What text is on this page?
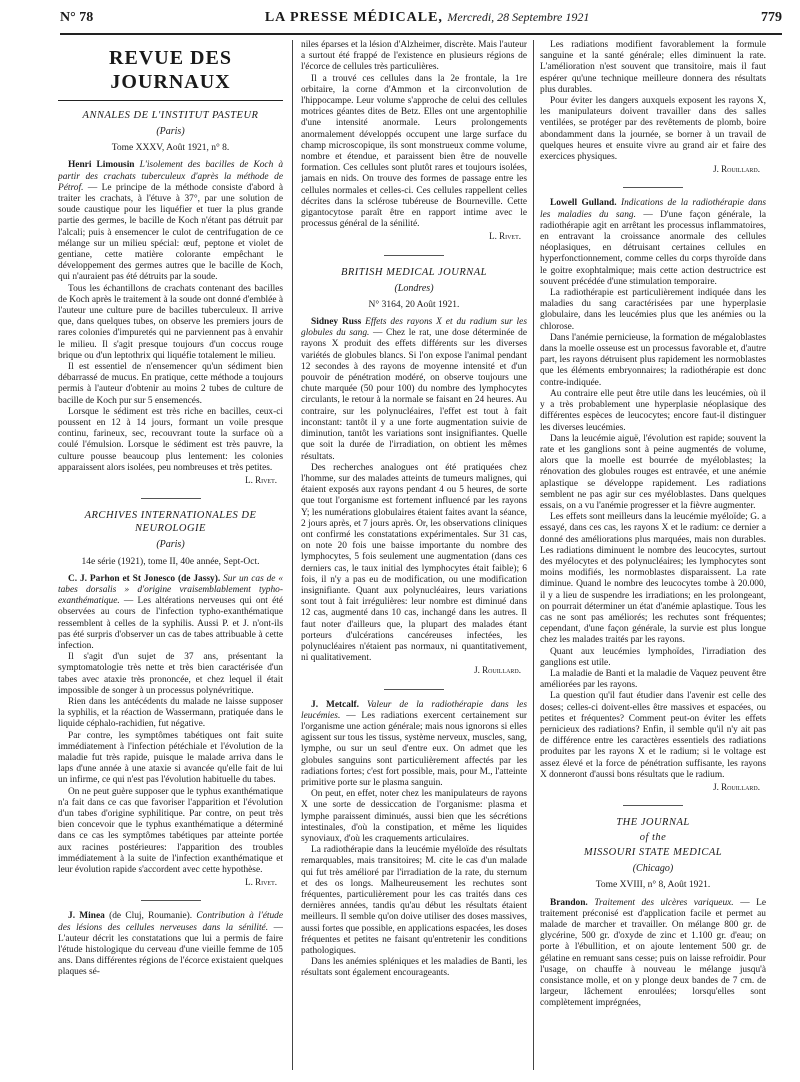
N° 78	LA PRESSE MÉDICALE, Mercredi, 28 Septembre 1921	779
REVUE DES JOURNAUX
ANNALES DE L'INSTITUT PASTEUR
(Paris)
Tome XXXV, Août 1921, n° 8.

Henri Limousin L'isolement des bacilles de Koch à partir des crachats tuberculeux d'après la méthode de Pétrof. — Le principe de la méthode consiste d'abord à traiter les crachats, à l'étuve à 37°, par une solution de soude caustique pour les liquéfier et tuer la plus grande partie des germes, le bacille de Koch n'étant pas détruit par l'alcali; puis à ensemencer le culot de centrifugation de ce mélange sur un milieu spécial: œuf, peptone et violet de gentiane, cette matière colorante empêchant le développement des germes autres que le bacille de Koch, qui n'auraient pas été détruits par la soude.

Tous les échantillons de crachats contenant des bacilles de Koch après le traitement à la soude ont donné d'emblée à l'auteur une culture pure de bacilles tuberculeux. Il arrive que, dans quelques tubes, on observe les premiers jours de rares colonies d'impuretés qui ne parviennent pas à envahir le milieu. Il s'agit presque toujours d'un coccus rouge brique ou d'un leptothrix qui liquéfie totalement le milieu.

Il est essentiel de n'ensemencer qu'un sédiment bien débarrassé de mucus. En pratique, cette méthode a toujours permis à l'auteur d'obtenir au moins 2 tubes de culture de bacille de Koch pur sur 5 ensemencés.

Lorsque le sédiment est très riche en bacilles, ceux-ci poussent en 12 à 14 jours, formant un voile presque continu, farineux, sec, recouvrant toute la surface où a coulé l'émulsion. Lorsque le sédiment est très pauvre, la culture pousse beaucoup plus lentement: les colonies apparaissent alors isolées, peu nombreuses et très petites.

L. Rivet.
ARCHIVES INTERNATIONALES DE NEUROLOGIE
(Paris)
14e série (1921), tome II, 40e année, Sept-Oct.

C. J. Parhon et St Jonesco (de Jassy). Sur un cas de « tabes dorsalis » d'origine vraisemblablement typho-exanthématique. — Les altérations nerveuses qui ont été observées au cours de l'infection typho-exanthématique ressemblent à celles de la syphilis. Aussi P. et J. n'ont-ils pas été surpris d'observer un cas de tabes attribuable à cette infection.

Il s'agit d'un sujet de 37 ans, présentant la symptomatologie très nette et très bien caractérisée d'un tabes avec ataxie très prononcée, et chez lequel il était impossible de songer à un processus polynévritique.

Rien dans les antécédents du malade ne laisse supposer la syphilis, et la réaction de Wassermann, pratiquée dans le liquide céphalo-rachidien, fut négative.

Par contre, les symptômes tabétiques ont fait suite immédiatement à l'infection pétéchiale et l'évolution de la maladie fut très rapide, puisque le malade arriva dans le laps d'une année à une ataxie si avancée qu'elle fait de lui un infirme, ce qui n'est pas l'évolution habituelle du tabes.

On ne peut guère supposer que le typhus exanthématique n'a fait dans ce cas que favoriser l'apparition et l'évolution d'un tabes d'origine syphilitique. Par contre, on peut très bien concevoir que le typhus exanthématique a déterminé dans ce cas les symptômes tabétiques par atteinte portée aux racines postérieures: l'apparition des troubles immédiatement à la suite de l'infection exanthématique et leur évolution rapide s'accordent avec cette hypothèse.

L. Rivet.

J. Minea (de Cluj, Roumanie). Contribution à l'étude des lésions des cellules nerveuses dans la sénilité. — L'auteur décrit les constatations que lui a permis de faire l'étude histologique du cerveau d'une vieille femme de 105 ans. Dans différentes régions de l'écorce existaient quelques plaques sé-

niles éparses et la lésion d'Alzheimer, discrète. Mais l'auteur a surtout été frappé de l'existence en plusieurs régions de l'écorce de cellules très particulières.

Il a trouvé ces cellules dans la 2e frontale, la 1re orbitaire, la corne d'Ammon et la circonvolution de l'hippocampe. Leur volume s'approche de celui des cellules motrices géantes dites de Betz. Elles ont une argentophilie d'une intensité anormale. Leurs prolongements anormalement développés occupent une large surface du champ microscopique, ils sont monstrueux comme volume, nombre et étendue, et paraissent bien être de nouvelle formation. Ces cellules sont plutôt rares et toujours isolées, jamais en nids. On trouve des formes de passage entre les cellules normales et celles-ci. Ces cellules rappellent celles décrites dans la sclérose tubéreuse de Bourneville. Cette gigantocytose paraît être en rapport intime avec le processus général de la sénilité.

L. Rivet.
BRITISH MEDICAL JOURNAL
(Londres)
N° 3164, 20 Août 1921.

Sidney Russ Effets des rayons X et du radium sur les globules du sang. — Chez le rat, une dose déterminée de rayons X produit des effets différents sur les diverses variétés de globules blancs. Si l'on expose l'animal pendant 12 secondes à des rayons de moyenne intensité et d'un pouvoir de pénétration modéré, on observe toujours une chute marquée (50 pour 100) du nombre des lymphocytes circulants, le retour à la normale se faisant en 24 heures. Au contraire, sur les polynucléaires, l'effet est tout à fait inconstant: tantôt il y a une forte augmentation suivie de diminution, tantôt les variations sont insignifiantes. Quelle que soit la durée de l'irradiation, on obtient les mêmes résultats.

Des recherches analogues ont été pratiquées chez l'homme, sur des malades atteints de tumeurs malignes, qui étaient exposés aux rayons pendant 4 ou 5 heures, de sorte que tout l'organisme est fortement influencé par les rayons Y; les numérations globulaires étaient faites avant la séance, 2 jours après, et 7 jours après. Or, les observations cliniques ont confirmé les constatations expérimentales. Sur 31 cas, on note 20 fois une baisse importante du nombre des lymphocytes, 5 fois seulement une augmentation (dans ces derniers cas, le taux initial des lymphocytes était faible); 6 fois, il n'y a pas eu de modification, ou une modification insignifiante. Quant aux polynucléaires, leurs variations sont tout à fait irrégulières: leur nombre est diminué dans 12 cas, augmenté dans 10 cas, inchangé dans les autres. Il faut noter d'ailleurs que, la plupart des malades étant porteurs d'ulcérations cancéreuses infectées, les polynucléaires n'étaient pas normaux, ni quantitativement, ni qualitativement.

J. Rouillard.

J. Metcalf. Valeur de la radiothérapie dans les leucémies. — Les radiations exercent certainement sur l'organisme une action générale; mais nous ignorons si elles agissent sur tous les tissus, système nerveux, muscles, sang, lymphe, ou sur un seul d'entre eux. On admet que les globules sanguins sont particulièrement affectés par les radiations fortes; c'est fort possible, mais, pour M., l'atteinte primitive porte sur le plasma sanguin.

On peut, en effet, noter chez les manipulateurs de rayons X une sorte de dessiccation de l'organisme: plasma et lymphe paraissent diminués, aussi bien que les sécrétions intestinales, d'où la constipation, et même les liquides synoviaux, d'où les craquements articulaires.

La radiothérapie dans la leucémie myéloïde des résultats remarquables, mais transitoires; M. cite le cas d'un malade qui fut très amélioré par l'irradiation de la rate, du sternum et des os longs. Malheureusement les rechutes sont fréquentes, particulièrement pour les cas traités dans ces dernières années, tandis qu'au début les résultats étaient meilleurs. Il semble qu'on doive utiliser des doses massives, aussi fortes que possible, en applications espacées, les doses fréquentes et petites ne faisant qu'entretenir les conditions pathologiques.

Dans les anémies spléniques et les maladies de Banti, les résultats sont également encourageants.

Les radiations modifient favorablement la formule sanguine et la santé générale; elles diminuent la rate. L'amélioration n'est souvent que transitoire, mais il faut espérer qu'une technique meilleure donnera des résultats plus durables.

Pour éviter les dangers auxquels exposent les rayons X, les manipulateurs doivent travailler dans des salles ventilées, se protéger par des revêtements de plomb, boire abondamment dans la journée, se borner à un travail de quelques heures et ensuite vivre au grand air et faire des exercices physiques.

J. Rouillard.

Lowell Gulland. Indications de la radiothérapie dans les maladies du sang. — D'une façon générale, la radiothérapie agit en arrêtant les processus inflammatoires, en entravant la croissance anormale des cellules néoplasiques, en détruisant certaines cellules en hyperfonctionnement, comme celles du corps thyroïde dans le goitre exophtalmique; mais cette action destructrice est souvent précédée d'une stimulation temporaire.

La radiothérapie est particulièrement indiquée dans les maladies du sang caractérisées par une hyperplasie globulaire, dans les leucémies plus que les anémies ou la chlorose.

Dans l'anémie pernicieuse, la formation de mégaloblastes dans la moelle osseuse est un processus favorable et, d'autre part, les rayons détruisent plus rapidement les normoblastes que les éléments embryonnaires; la radiothérapie est donc contre-indiquée.

Au contraire elle peut être utile dans les leucémies, où il y a très probablement une hyperplasie néoplasique des différentes espèces de leucocytes; encore faut-il distinguer les diverses leucémies.

Dans la leucémie aiguë, l'évolution est rapide; souvent la rate et les ganglions sont à peine augmentés de volume, alors que la moelle est bourrée de myéloblastes; la rénovation des globules rouges est entravée, et une anémie aplastique se développe rapidement. Les radiations semblent ne pas agir sur ces myéloblastes. Dans quelques essais, on a vu l'anémie progresser et la fièvre augmenter.

Les effets sont meilleurs dans la leucémie myéloïde; G. a essayé, dans ces cas, les rayons X et le radium: ce dernier a donné des améliorations plus marquées, mais non durables. Les radiations diminuent le nombre des leucocytes, surtout des myélocytes et des polynucléaires; les lymphocytes sont moins modifiés, les normoblastes disparaissent. La rate diminue. Quand le nombre des leucocytes tombe à 20.000, il y a lieu de suspendre les irradiations; en les prolongeant, on pourrait déterminer un état d'anémie aplastique. Tous les cas ne sont pas améliorés; les rechutes sont fréquentes; cependant, d'une façon générale, la survie est plus longue chez les malades traités par les rayons.

Quant aux leucémies lymphoïdes, l'irradiation des ganglions est utile.

La maladie de Banti et la maladie de Vaquez peuvent être améliorées par les rayons.

La question qu'il faut étudier dans l'avenir est celle des doses; celles-ci doivent-elles être massives et espacées, ou petites et fréquentes? Comment peut-on éviter les effets pernicieux des radiations? Enfin, il semble qu'il n'y ait pas de différence entre les caractères essentiels des radiations produites par les rayons X et le radium; si le voltage est assez élevé et la force de pénétration suffisante, les rayons X donneront d'aussi bons résultats que le radium.

J. Rouillard.
THE JOURNAL
of the
MISSOURI STATE MEDICAL
(Chicago)
Tome XVIII, n° 8, Août 1921.

Brandon. Traitement des ulcères variqueux. — Le traitement préconisé est d'application facile et permet au malade de marcher et travailler. On mélange 800 gr. de glycérine, 500 gr. d'oxyde de zinc et 1.100 gr. d'eau; on porte à l'ébullition, et on ajoute lentement 500 gr. de gélatine en remuant sans cesse; puis on laisse refroidir. Pour l'usage, on chauffe à nouveau le mélange jusqu'à consistance molle, et on y plonge deux bandes de 7 cm. de largeur, lâchement enroulées; lorsqu'elles sont complètement imprégnées,
